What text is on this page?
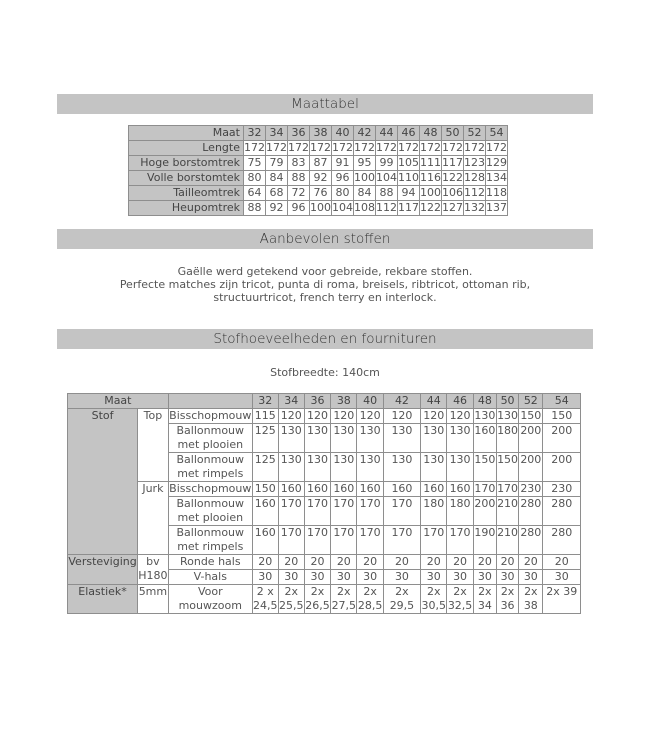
Maattabel
Maat	32	34	36	38	40	42	44	46	48	50	52	54
Lengte	172	172	172	172	172	172	172	172	172	172	172	172
Hoge borstomtrek	75	79	83	87	91	95	99	105	111	117	123	129
Volle borstomtek	80	84	88	92	96	100	104	110	116	122	128	134
Tailleomtrek	64	68	72	76	80	84	88	94	100	106	112	118
Heupomtrek	88	92	96	100	104	108	112	117	122	127	132	137
Aanbevolen stoffen
Gaëlle werd getekend voor gebreide, rekbare stoffen.
Perfecte matches zijn tricot, punta di roma, breisels, ribtricot, ottoman rib,
structuurtricot, french terry en interlock.
Stofhoeveelheden en fournituren
Stofbreedte: 140cm
Maat			32	34	36	38	40	42	44	46	48	50	52	54
Stof	Top	Bisschopmouw	115	120	120	120	120	120	120	120	130	130	150	150
		Ballonmouw met plooien	125	130	130	130	130	130	130	130	160	180	200	200
		Ballonmouw met rimpels	125	130	130	130	130	130	130	130	150	150	200	200
	Jurk	Bisschopmouw	150	160	160	160	160	160	160	160	170	170	230	230
		Ballonmouw met plooien	160	170	170	170	170	170	180	180	200	210	280	280
		Ballonmouw met rimpels	160	170	170	170	170	170	170	170	190	210	280	280
Versteviging	bv H180	Ronde hals	20	20	20	20	20	20	20	20	20	20	20	20
		V-hals	30	30	30	30	30	30	30	30	30	30	30	30
Elastiek*	5mm	Voor mouwzoom	2 x 24,5	2x 25,5	2x 26,5	2x 27,5	2x 28,5	2x 29,5	2x 30,5	2x 32,5	2x 34	2x 36	2x 38	2x 39
